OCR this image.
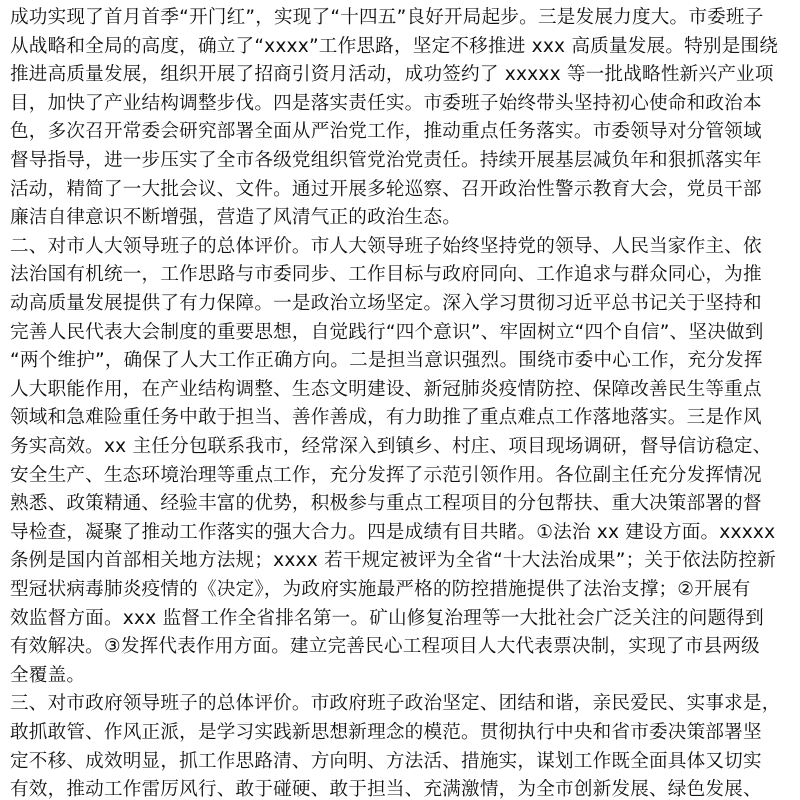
成功实现了首月首季“开门红”，实现了“十四五”良好开局起步。三是发展力度大。市委班子
从战略和全局的高度，确立了“xxxx”工作思路，坚定不移推进 xxx 高质量发展。特别是围绕
推进高质量发展，组织开展了招商引资月活动，成功签约了 xxxxx 等一批战略性新兴产业项
目，加快了产业结构调整步伐。四是落实责任实。市委班子始终带头坚持初心使命和政治本
色，多次召开常委会研究部署全面从严治党工作，推动重点任务落实。市委领导对分管领域
督导指导，进一步压实了全市各级党组织管党治党责任。持续开展基层减负年和狠抓落实年
活动，精简了一大批会议、文件。通过开展多轮巡察、召开政治性警示教育大会，党员干部
廉洁自律意识不断增强，营造了风清气正的政治生态。
二、对市人大领导班子的总体评价。市人大领导班子始终坚持党的领导、人民当家作主、依
法治国有机统一，工作思路与市委同步、工作目标与政府同向、工作追求与群众同心，为推
动高质量发展提供了有力保障。一是政治立场坚定。深入学习贯彻习近平总书记关于坚持和
完善人民代表大会制度的重要思想，自觉践行“四个意识”、牢固树立“四个自信”、坚决做到
“两个维护”，确保了人大工作正确方向。二是担当意识强烈。围绕市委中心工作，充分发挥
人大职能作用，在产业结构调整、生态文明建设、新冠肺炎疫情防控、保障改善民生等重点
领域和急难险重任务中敢于担当、善作善成，有力助推了重点难点工作落地落实。三是作风
务实高效。xx 主任分包联系我市，经常深入到镇乡、村庄、项目现场调研，督导信访稳定、
安全生产、生态环境治理等重点工作，充分发挥了示范引领作用。各位副主任充分发挥情况
熟悉、政策精通、经验丰富的优势，积极参与重点工程项目的分包帮扶、重大决策部署的督
导检查，凝聚了推动工作落实的强大合力。四是成绩有目共睹。①法治 xx 建设方面。xxxxx
条例是国内首部相关地方法规；xxxx 若干规定被评为全省“十大法治成果”；关于依法防控新
型冠状病毒肺炎疫情的《决定》，为政府实施最严格的防控措施提供了法治支撑；②开展有
效监督方面。xxx 监督工作全省排名第一。矿山修复治理等一大批社会广泛关注的问题得到
有效解决。③发挥代表作用方面。建立完善民心工程项目人大代表票决制，实现了市县两级
全覆盖。
三、对市政府领导班子的总体评价。市政府班子政治坚定、团结和谐，亲民爱民、实事求是，
敢抓敢管、作风正派，是学习实践新思想新理念的模范。贯彻执行中央和省市委决策部署坚
定不移、成效明显，抓工作思路清、方向明、方法活、措施实，谋划工作既全面具体又切实
有效，推动工作雷厉风行、敢于碰硬、敢于担当、充满激情，为全市创新发展、绿色发展、
